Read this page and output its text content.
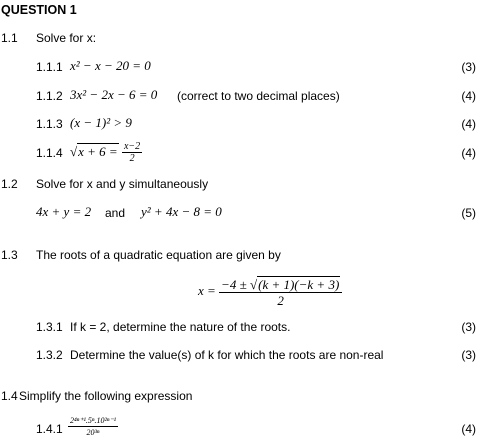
QUESTION 1
1.1 Solve for x:
1.1.1 x² − x − 20 = 0	(3)
1.1.2 3x² − 2x − 6 = 0 (correct to two decimal places)	(4)
1.1.3 (x − 1)² > 9	(4)
1.1.4 $√x + 6 = \frac{x-2}{2}$	(4)
1.2 Solve for x and y simultaneously
4x + y = 2 and y² + 4x − 8 = 0	(5)
1.3 The roots of a quadratic equation are given by
$x = \frac{-4 \pm √(k + 1)(-k + 3)}{2}$
1.3.1 If k = 2, determine the nature of the roots.	(3)
1.3.2 Determine the value(s) of k for which the roots are non-real	(3)
1.4 Simplify the following expression
$1.4.1 \frac{\text{2⁴ⁿ⁺¹.5ⁿ.10²ⁿ⁻¹}}{\text{20³ⁿ}}$	(4)
